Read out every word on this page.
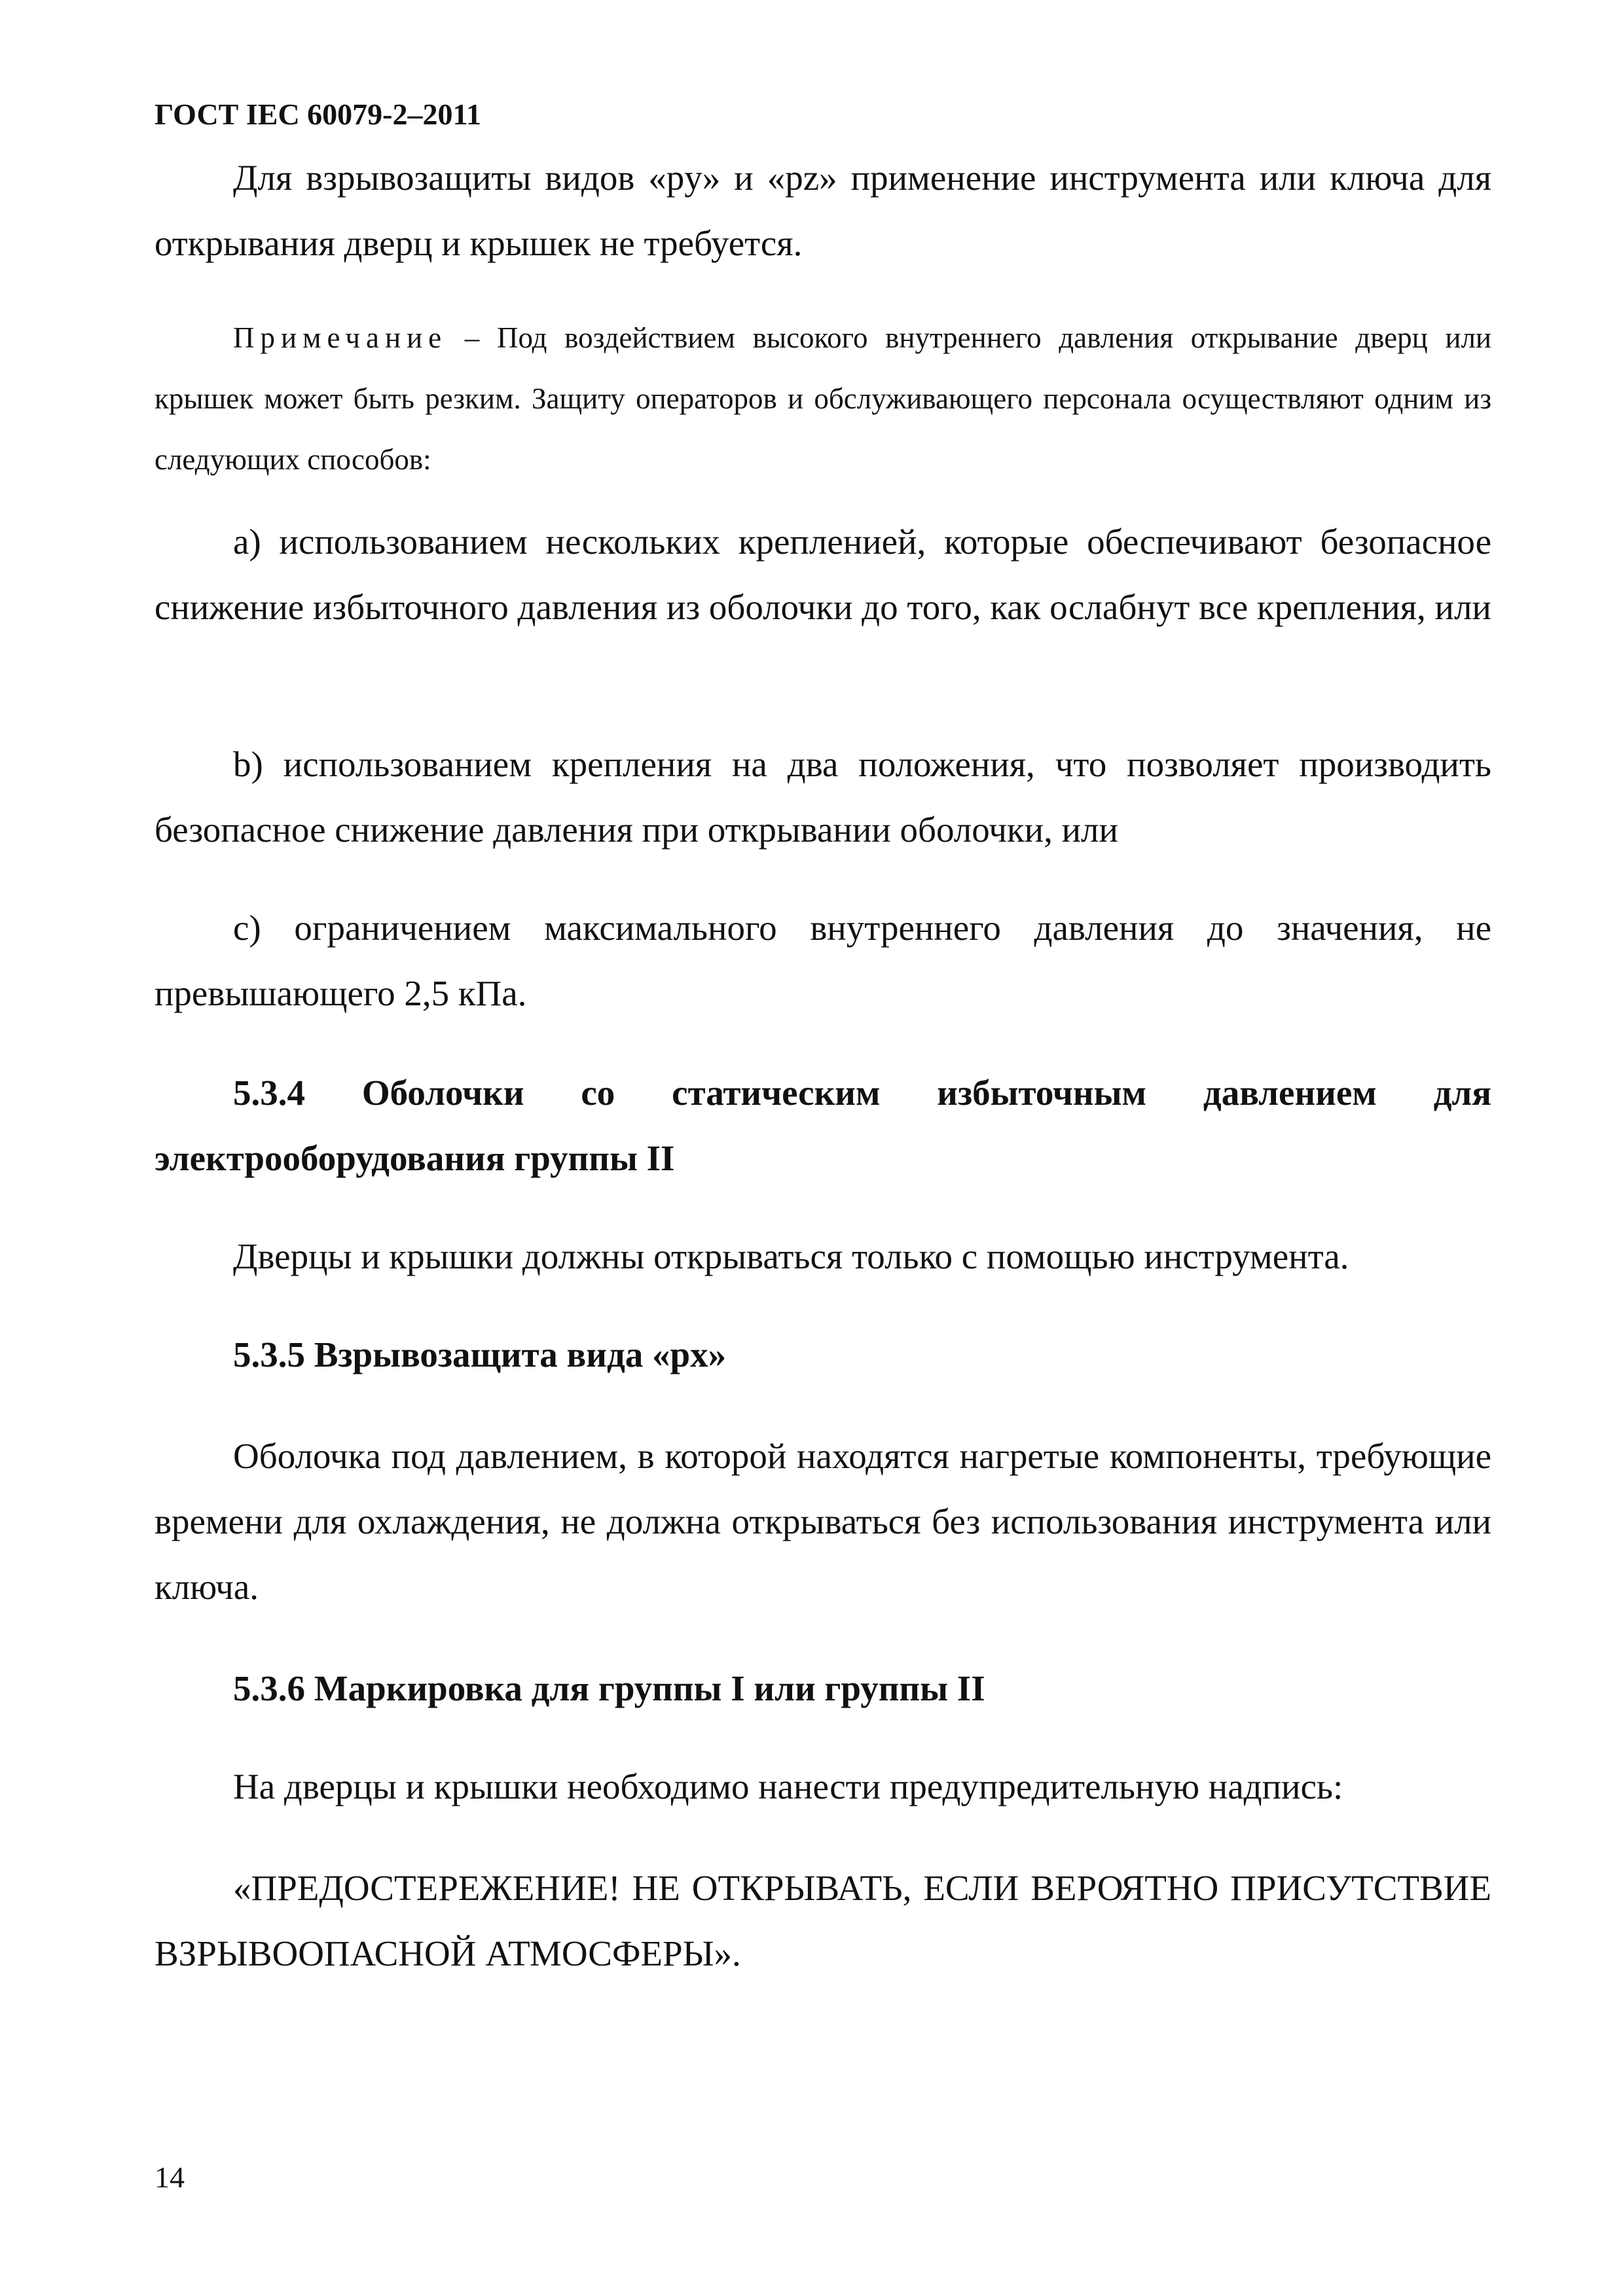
ГОСТ IEC 60079-2–2011

Для взрывозащиты видов «py» и «pz» применение инструмента или ключа для открывания дверц и крышек не требуется.

Примечание – Под воздействием высокого внутреннего давления открывание дверц или крышек может быть резким. Защиту операторов и обслуживающего персонала осуществляют одним из следующих способов:

a) использованием нескольких крепленией, которые обеспечивают безопасное снижение избыточного давления из оболочки до того, как ослабнут все крепления, или

b) использованием крепления на два положения, что позволяет производить безопасное снижение давления при открывании оболочки, или

c) ограничением максимального внутреннего давления до значения, не превышающего 2,5 кПа.

5.3.4 Оболочки со статическим избыточным давлением для электрооборудования группы II

Дверцы и крышки должны открываться только с помощью инструмента.

5.3.5 Взрывозащита вида «px»

Оболочка под давлением, в которой находятся нагретые компоненты, требующие времени для охлаждения, не должна открываться без использования инструмента или ключа.

5.3.6 Маркировка для группы I или группы II

На дверцы и крышки необходимо нанести предупредительную надпись:

«ПРЕДОСТЕРЕЖЕНИЕ! НЕ ОТКРЫВАТЬ, ЕСЛИ ВЕРОЯТНО ПРИСУТСТВИЕ ВЗРЫВООПАСНОЙ АТМОСФЕРЫ».

14
